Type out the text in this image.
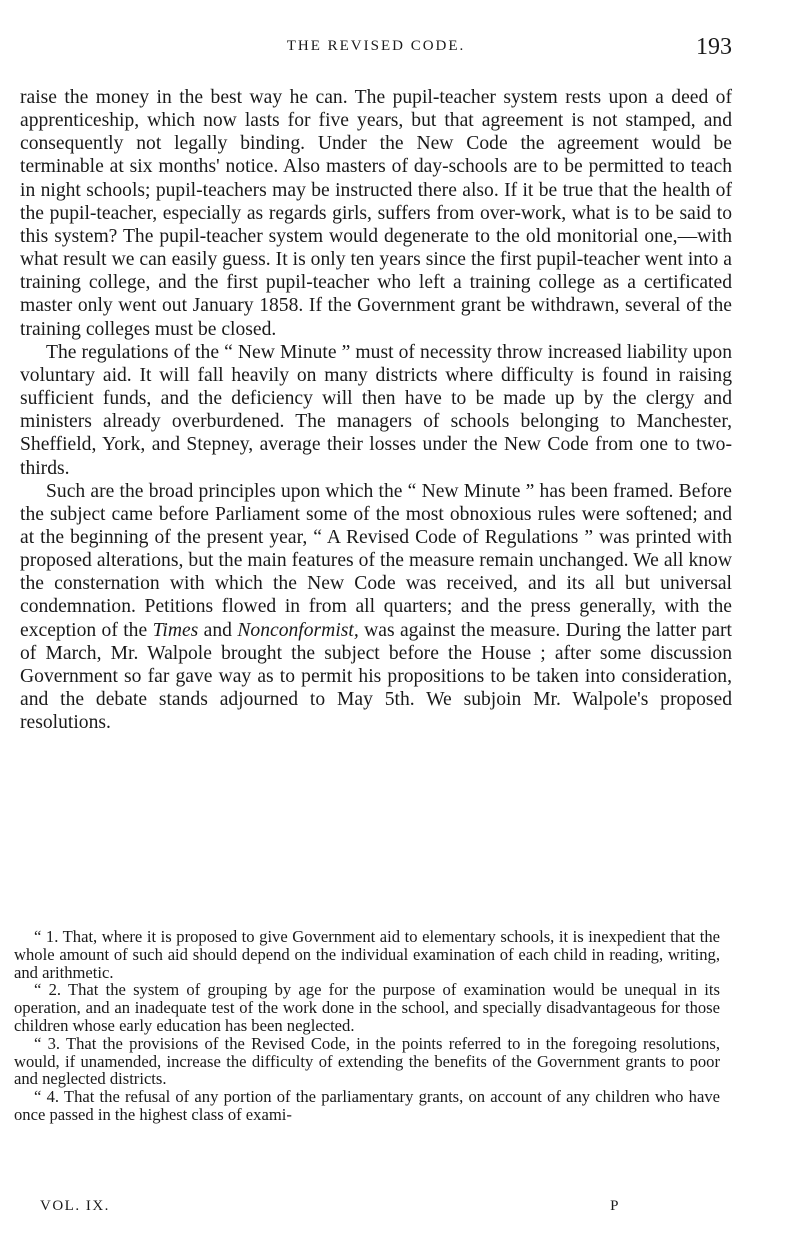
THE REVISED CODE.	193

raise the money in the best way he can. The pupil-teacher system rests upon a deed of apprenticeship, which now lasts for five years, but that agreement is not stamped, and consequently not legally binding. Under the New Code the agreement would be terminable at six months' notice. Also masters of day-schools are to be permitted to teach in night schools; pupil-teachers may be instructed there also. If it be true that the health of the pupil-teacher, especially as regards girls, suffers from over-work, what is to be said to this system? The pupil-teacher system would degenerate to the old monitorial one,—with what result we can easily guess. It is only ten years since the first pupil-teacher went into a training college, and the first pupil-teacher who left a training college as a certificated master only went out January 1858. If the Government grant be withdrawn, several of the training colleges must be closed.

The regulations of the “ New Minute ” must of necessity throw increased liability upon voluntary aid. It will fall heavily on many districts where difficulty is found in raising sufficient funds, and the deficiency will then have to be made up by the clergy and ministers already overburdened. The managers of schools belonging to Manchester, Sheffield, York, and Stepney, average their losses under the New Code from one to two-thirds.

Such are the broad principles upon which the “ New Minute ” has been framed. Before the subject came before Parliament some of the most obnoxious rules were softened; and at the beginning of the present year, “ A Revised Code of Regulations ” was printed with proposed alterations, but the main features of the measure remain unchanged. We all know the consternation with which the New Code was received, and its all but universal condemnation. Petitions flowed in from all quarters; and the press generally, with the exception of the Times and Nonconformist, was against the measure. During the latter part of March, Mr. Walpole brought the subject before the House ; after some discussion Government so far gave way as to permit his propositions to be taken into consideration, and the debate stands adjourned to May 5th. We subjoin Mr. Walpole's proposed resolutions.

“ 1. That, where it is proposed to give Government aid to elementary schools, it is inexpedient that the whole amount of such aid should depend on the individual examination of each child in reading, writing, and arithmetic.

“ 2. That the system of grouping by age for the purpose of examination would be unequal in its operation, and an inadequate test of the work done in the school, and specially disadvantageous for those children whose early education has been neglected.

“ 3. That the provisions of the Revised Code, in the points referred to in the foregoing resolutions, would, if unamended, increase the difficulty of extending the benefits of the Government grants to poor and neglected districts.

“ 4. That the refusal of any portion of the parliamentary grants, on account of any children who have once passed in the highest class of exami-

VOL. IX.	P
